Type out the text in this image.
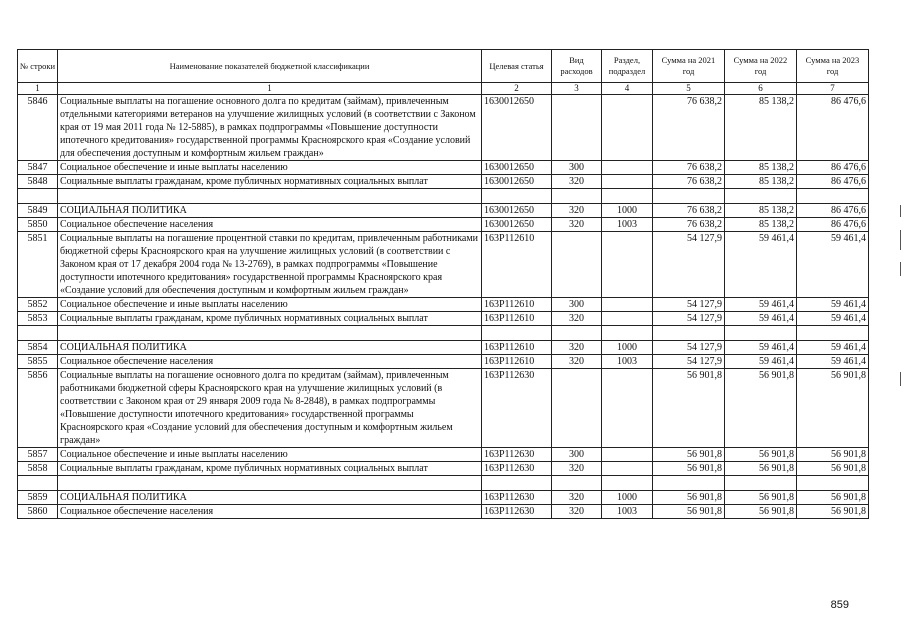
№ строки	Наименование показателей бюджетной классификации	Целевая статья	Вид расходов	Раздел, подраздел	Сумма на 2021 год	Сумма на 2022 год	Сумма на 2023 год
1	1	2	3	4	5	6	7
5846	Социальные выплаты на погашение основного долга по кредитам (займам), привлеченным отдельными категориями ветеранов на улучшение жилищных условий (в соответствии с Законом края от 19 мая 2011 года № 12-5885), в рамках подпрограммы «Повышение доступности ипотечного кредитования» государственной программы Красноярского края «Создание условий для обеспечения доступным и комфортным жильем граждан»	1630012650			76 638,2	85 138,2	86 476,6
5847	Социальное обеспечение и иные выплаты населению	1630012650	300		76 638,2	85 138,2	86 476,6
5848	Социальные выплаты гражданам, кроме публичных нормативных социальных выплат	1630012650	320		76 638,2	85 138,2	86 476,6

5849	СОЦИАЛЬНАЯ ПОЛИТИКА	1630012650	320	1000	76 638,2	85 138,2	86 476,6
5850	Социальное обеспечение населения	1630012650	320	1003	76 638,2	85 138,2	86 476,6
5851	Социальные выплаты на погашение процентной ставки по кредитам, привлеченным работниками бюджетной сферы Красноярского края на улучшение жилищных условий (в соответствии с Законом края от 17 декабря 2004 года № 13-2769), в рамках подпрограммы «Повышение доступности ипотечного кредитования» государственной программы Красноярского края «Создание условий для обеспечения доступным и комфортным жильем граждан»	163Р112610			54 127,9	59 461,4	59 461,4
5852	Социальное обеспечение и иные выплаты населению	163Р112610	300		54 127,9	59 461,4	59 461,4
5853	Социальные выплаты гражданам, кроме публичных нормативных социальных выплат	163Р112610	320		54 127,9	59 461,4	59 461,4

5854	СОЦИАЛЬНАЯ ПОЛИТИКА	163Р112610	320	1000	54 127,9	59 461,4	59 461,4
5855	Социальное обеспечение населения	163Р112610	320	1003	54 127,9	59 461,4	59 461,4
5856	Социальные выплаты на погашение основного долга по кредитам (займам), привлеченным работниками бюджетной сферы Красноярского края на улучшение жилищных условий (в соответствии с Законом края от 29 января 2009 года № 8-2848), в рамках подпрограммы «Повышение доступности ипотечного кредитования» государственной программы Красноярского края «Создание условий для обеспечения доступным и комфортным жильем граждан»	163Р112630			56 901,8	56 901,8	56 901,8
5857	Социальное обеспечение и иные выплаты населению	163Р112630	300		56 901,8	56 901,8	56 901,8
5858	Социальные выплаты гражданам, кроме публичных нормативных социальных выплат	163Р112630	320		56 901,8	56 901,8	56 901,8

5859	СОЦИАЛЬНАЯ ПОЛИТИКА	163Р112630	320	1000	56 901,8	56 901,8	56 901,8
5860	Социальное обеспечение населения	163Р112630	320	1003	56 901,8	56 901,8	56 901,8
859
